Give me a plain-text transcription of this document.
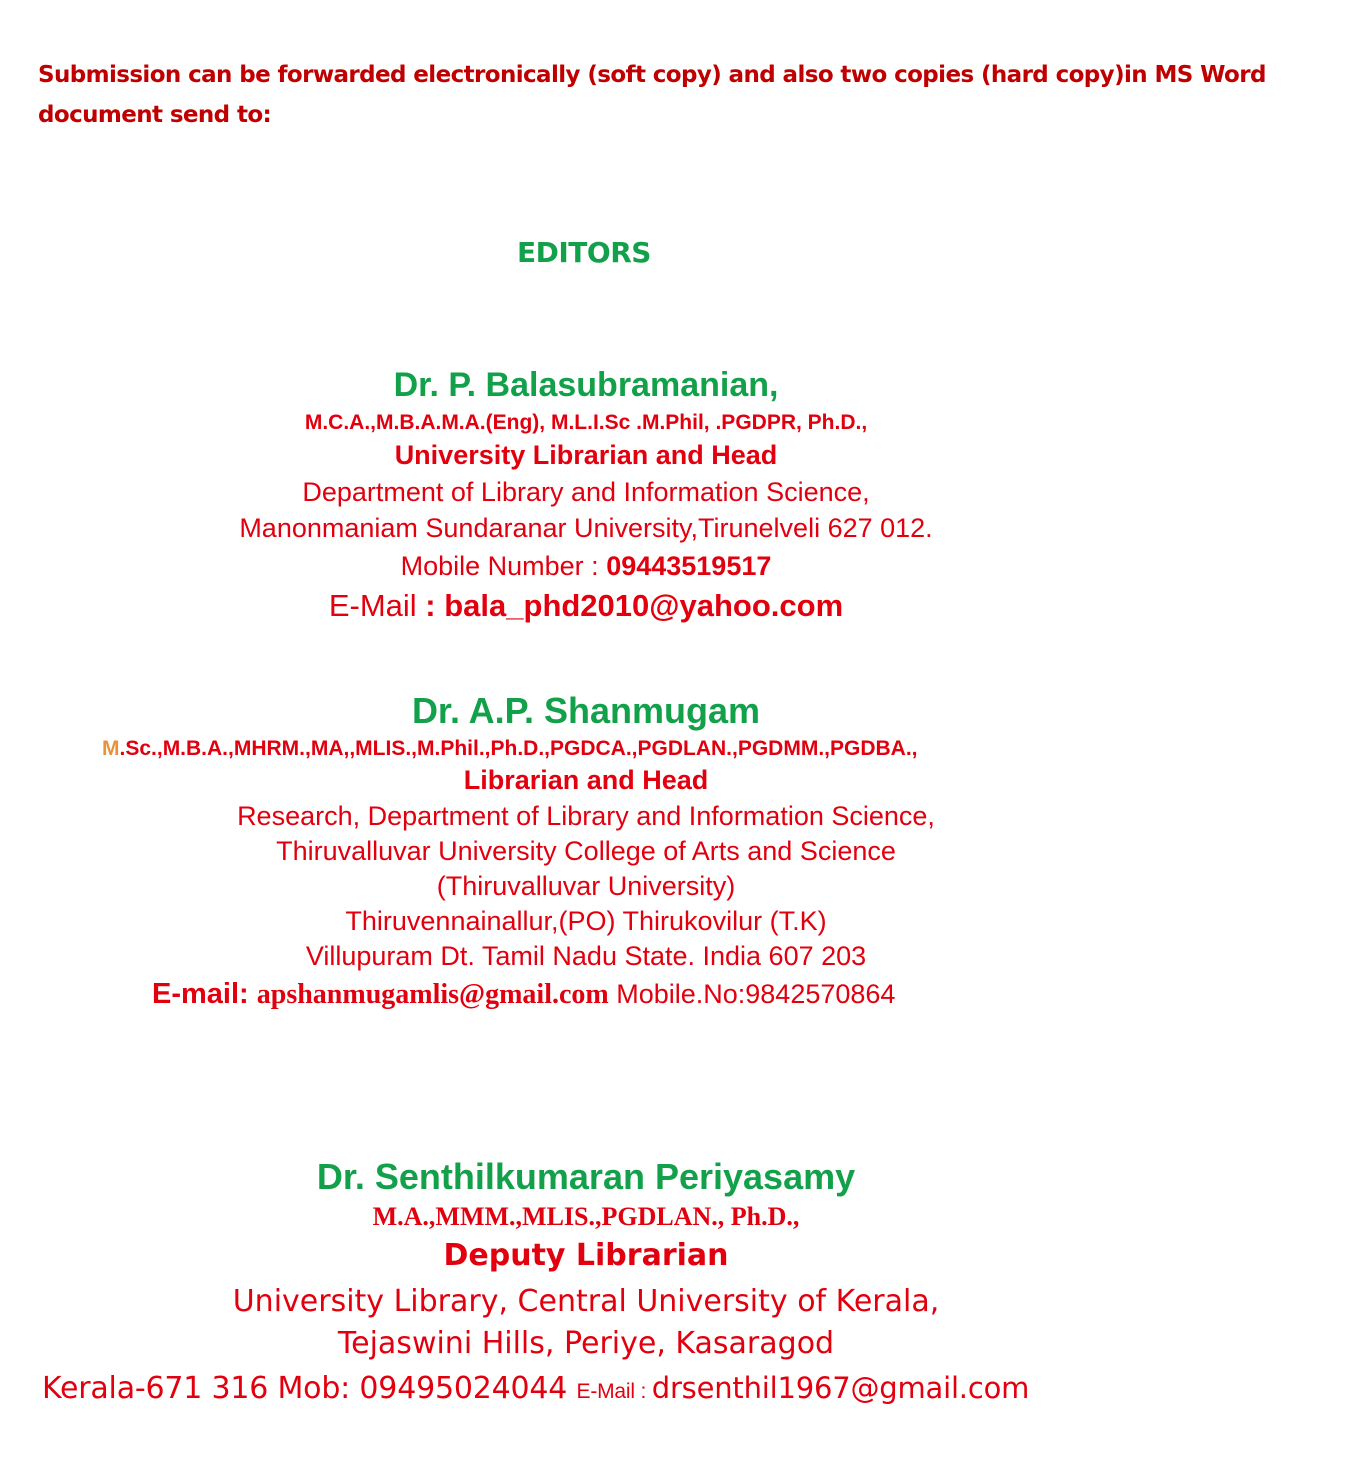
Submission can be forwarded electronically (soft copy) and also two copies (hard copy)in MS Word
document send to:
EDITORS
Dr. P. Balasubramanian,
M.C.A.,M.B.A.M.A.(Eng), M.L.I.Sc .M.Phil, .PGDPR, Ph.D.,
University Librarian and Head
Department of Library and Information Science,
Manonmaniam Sundaranar University,Tirunelveli 627 012.
Mobile Number : 09443519517
E-Mail : bala_phd2010@yahoo.com
Dr. A.P. Shanmugam
M.Sc.,M.B.A.,MHRM.,MA,,MLIS.,M.Phil.,Ph.D.,PGDCA.,PGDLAN.,PGDMM.,PGDBA.,
Librarian and Head
Research, Department of Library and Information Science,
Thiruvalluvar University College of Arts and Science
(Thiruvalluvar University)
Thiruvennainallur,(PO) Thirukovilur (T.K)
Villupuram Dt. Tamil Nadu State. India 607 203
E-mail: apshanmugamlis@gmail.com Mobile.No:9842570864
Dr. Senthilkumaran Periyasamy
M.A.,MMM.,MLIS.,PGDLAN., Ph.D.,
Deputy Librarian
University Library, Central University of Kerala,
Tejaswini Hills, Periye, Kasaragod
Kerala-671 316 Mob: 09495024044 E-Mail : drsenthil1967@gmail.com
